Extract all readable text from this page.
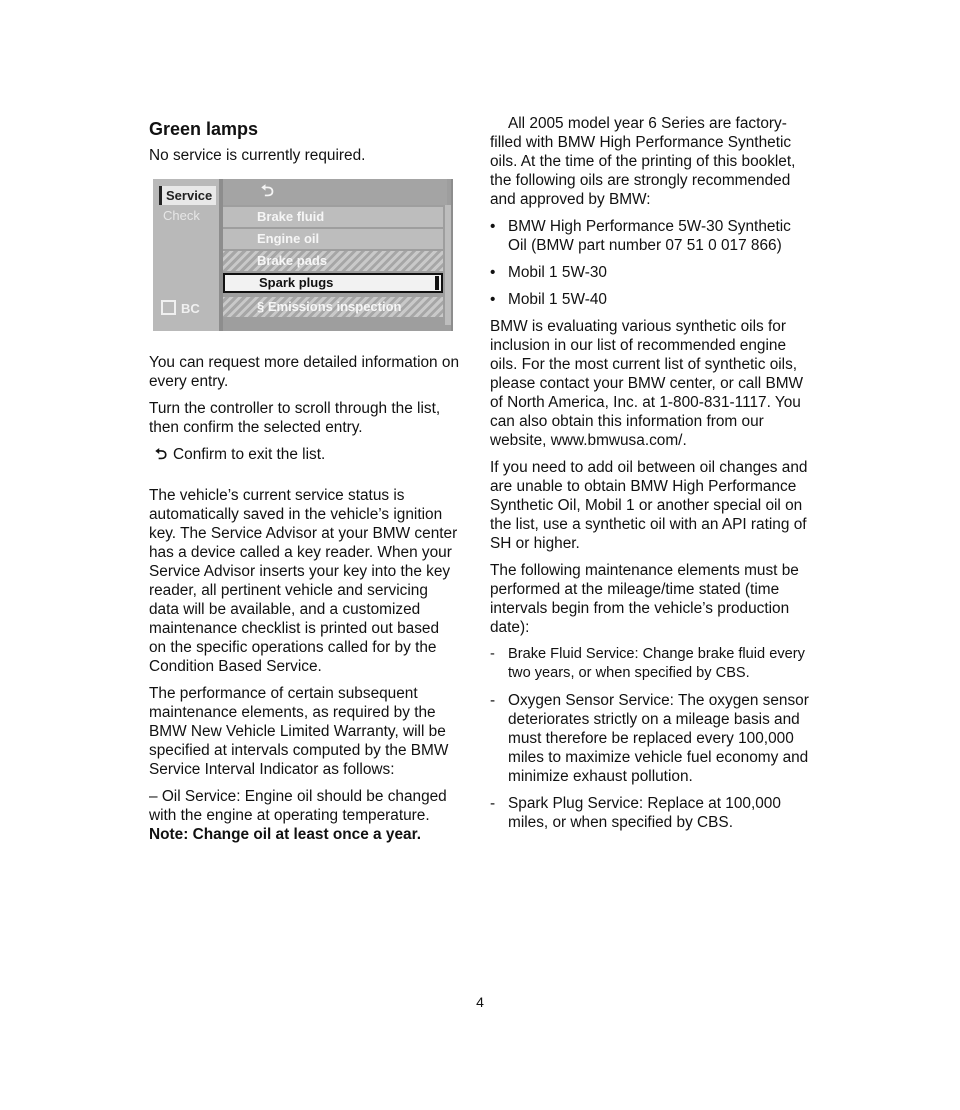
Green lamps

No service is currently required.

Service
Check
BC
⮌
Brake fluid
Engine oil
Brake pads
Spark plugs
§ Emissions inspection

You can request more detailed information on every entry.

Turn the controller to scroll through the list, then confirm the selected entry.

⮌ Confirm to exit the list.

The vehicle’s current service status is automatically saved in the vehicle’s ignition key. The Service Advisor at your BMW center has a device called a key reader. When your Service Advisor inserts your key into the key reader, all pertinent vehicle and servicing data will be available, and a customized maintenance checklist is printed out based on the specific operations called for by the Condition Based Service.

The performance of certain subsequent maintenance elements, as required by the BMW New Vehicle Limited Warranty, will be specified at intervals computed by the BMW Service Interval Indicator as follows:

– Oil Service: Engine oil should be changed with the engine at operating temperature.

Note: Change oil at least once a year.

All 2005 model year 6 Series are factory-filled with BMW High Performance Synthetic oils. At the time of the printing of this booklet, the following oils are strongly recommended and approved by BMW:

• BMW High Performance 5W-30 Synthetic Oil (BMW part number 07 51 0 017 866)
• Mobil 1 5W-30
• Mobil 1 5W-40

BMW is evaluating various synthetic oils for inclusion in our list of recommended engine oils. For the most current list of synthetic oils, please contact your BMW center, or call BMW of North America, Inc. at 1-800-831-1117. You can also obtain this information from our website, www.bmwusa.com/.

If you need to add oil between oil changes and are unable to obtain BMW High Performance Synthetic Oil, Mobil 1 or another special oil on the list, use a synthetic oil with an API rating of SH or higher.

The following maintenance elements must be performed at the mileage/time stated (time intervals begin from the vehicle’s production date):

- Brake Fluid Service: Change brake fluid every two years, or when specified by CBS.
- Oxygen Sensor Service: The oxygen sensor deteriorates strictly on a mileage basis and must therefore be replaced every 100,000 miles to maximize vehicle fuel economy and minimize exhaust pollution.
- Spark Plug Service: Replace at 100,000 miles, or when specified by CBS.
4
